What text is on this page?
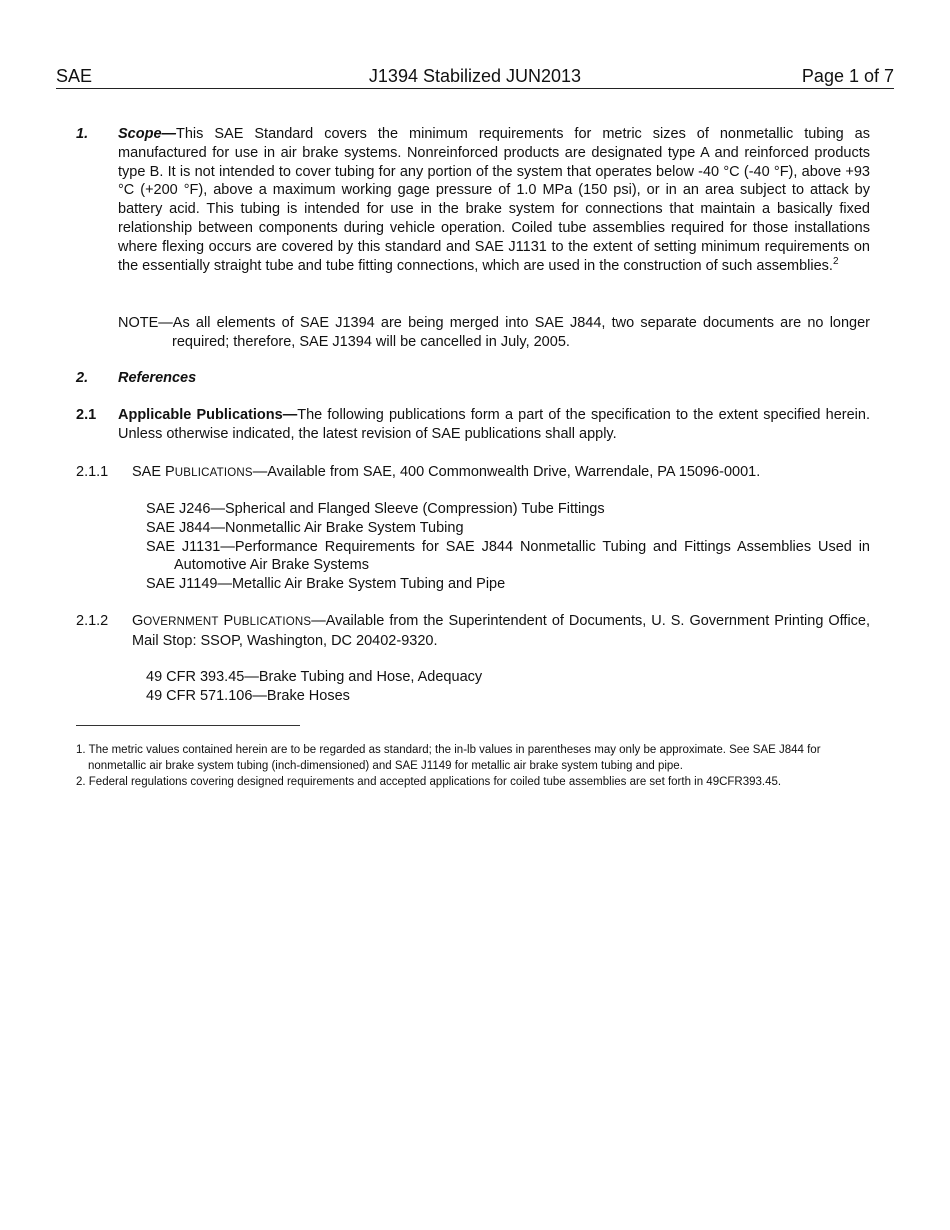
SAE	J1394 Stabilized JUN2013	Page 1 of 7
1. Scope—This SAE Standard covers the minimum requirements for metric sizes of nonmetallic tubing as manufactured for use in air brake systems. Nonreinforced products are designated type A and reinforced products type B. It is not intended to cover tubing for any portion of the system that operates below -40 °C (-40 °F), above +93 °C (+200 °F), above a maximum working gage pressure of 1.0 MPa (150 psi), or in an area subject to attack by battery acid. This tubing is intended for use in the brake system for connections that maintain a basically fixed relationship between components during vehicle operation. Coiled tube assemblies required for those installations where flexing occurs are covered by this standard and SAE J1131 to the extent of setting minimum requirements on the essentially straight tube and tube fitting connections, which are used in the construction of such assemblies.$^2$
NOTE—As all elements of SAE J1394 are being merged into SAE J844, two separate documents are no longer required; therefore, SAE J1394 will be cancelled in July, 2005.
2. References
2.1 Applicable Publications—The following publications form a part of the specification to the extent specified herein. Unless otherwise indicated, the latest revision of SAE publications shall apply.
2.1.1 SAE PUBLICATIONS—Available from SAE, 400 Commonwealth Drive, Warrendale, PA 15096-0001.
SAE J246—Spherical and Flanged Sleeve (Compression) Tube Fittings
SAE J844—Nonmetallic Air Brake System Tubing
SAE J1131—Performance Requirements for SAE J844 Nonmetallic Tubing and Fittings Assemblies Used in Automotive Air Brake Systems
SAE J1149—Metallic Air Brake System Tubing and Pipe
2.1.2 GOVERNMENT PUBLICATIONS—Available from the Superintendent of Documents, U. S. Government Printing Office, Mail Stop: SSOP, Washington, DC 20402-9320.
49 CFR 393.45—Brake Tubing and Hose, Adequacy
49 CFR 571.106—Brake Hoses
1. The metric values contained herein are to be regarded as standard; the in-lb values in parentheses may only be approximate. See SAE J844 for nonmetallic air brake system tubing (inch-dimensioned) and SAE J1149 for metallic air brake system tubing and pipe.
2. Federal regulations covering designed requirements and accepted applications for coiled tube assemblies are set forth in 49CFR393.45.
